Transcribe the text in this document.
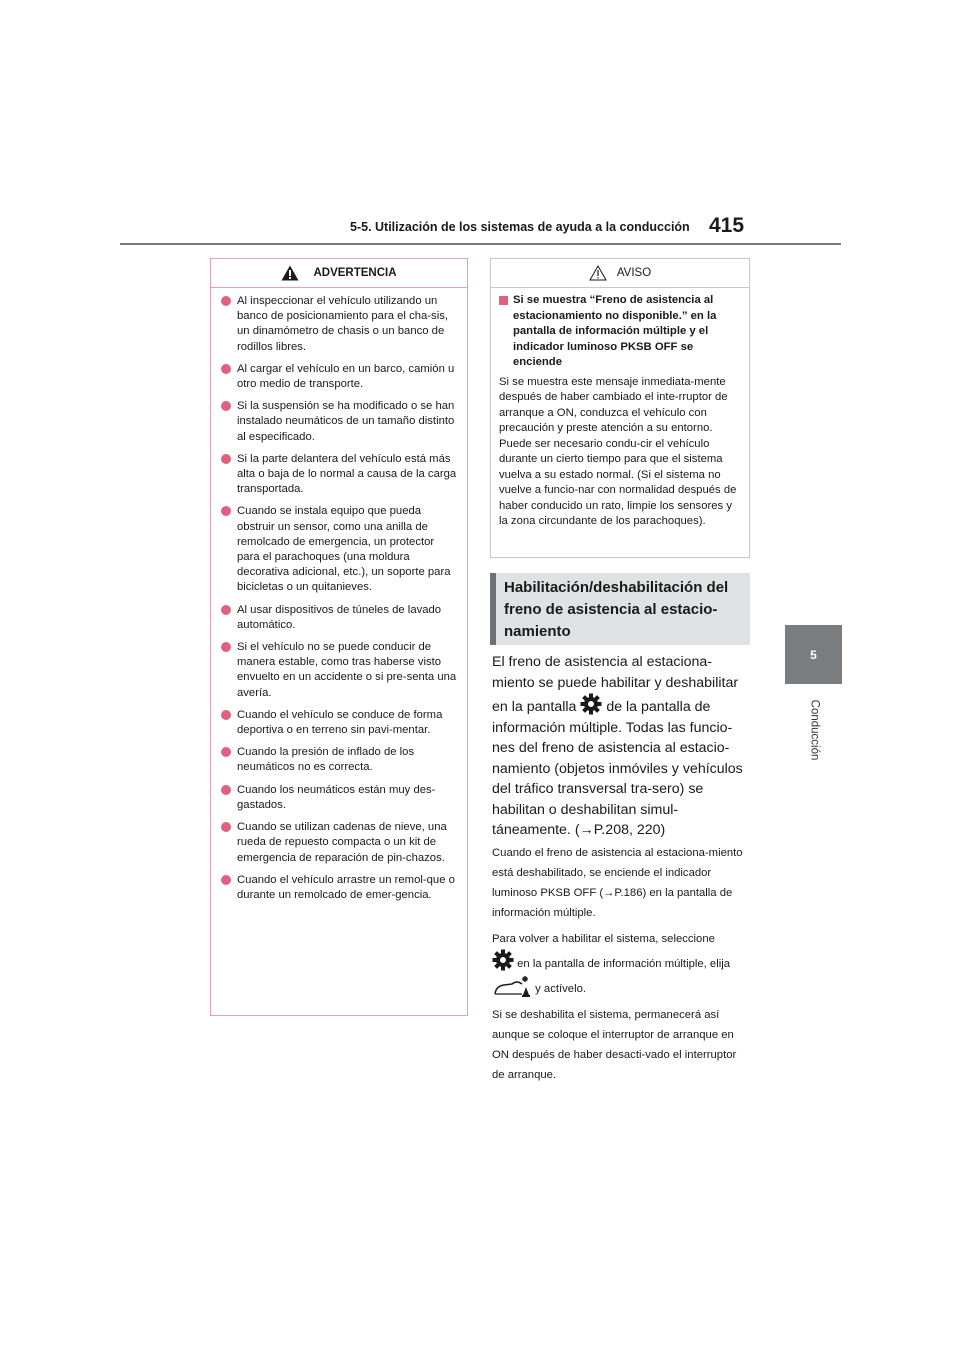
5-5. Utilización de los sistemas de ayuda a la conducción 415
5
Conducción
ADVERTENCIA
Al inspeccionar el vehículo utilizando un banco de posicionamiento para el cha-sis, un dinamómetro de chasis o un banco de rodillos libres.
Al cargar el vehículo en un barco, camión u otro medio de transporte.
Si la suspensión se ha modificado o se han instalado neumáticos de un tamaño distinto al especificado.
Si la parte delantera del vehículo está más alta o baja de lo normal a causa de la carga transportada.
Cuando se instala equipo que pueda obstruir un sensor, como una anilla de remolcado de emergencia, un protector para el parachoques (una moldura decorativa adicional, etc.), un soporte para bicicletas o un quitanieves.
Al usar dispositivos de túneles de lavado automático.
Si el vehículo no se puede conducir de manera estable, como tras haberse visto envuelto en un accidente o si pre-senta una avería.
Cuando el vehículo se conduce de forma deportiva o en terreno sin pavi-mentar.
Cuando la presión de inflado de los neumáticos no es correcta.
Cuando los neumáticos están muy des-gastados.
Cuando se utilizan cadenas de nieve, una rueda de repuesto compacta o un kit de emergencia de reparación de pin-chazos.
Cuando el vehículo arrastre un remol-que o durante un remolcado de emer-gencia.
AVISO
Si se muestra “Freno de asistencia al estacionamiento no disponible.” en la pantalla de información múltiple y el indicador luminoso PKSB OFF se enciende
Si se muestra este mensaje inmediata-mente después de haber cambiado el inte-rruptor de arranque a ON, conduzca el vehículo con precaución y preste atención a su entorno. Puede ser necesario condu-cir el vehículo durante un cierto tiempo para que el sistema vuelva a su estado normal. (Si el sistema no vuelve a funcio-nar con normalidad después de haber conducido un rato, limpie los sensores y la zona circundante de los parachoques).
Habilitación/deshabilitación del freno de asistencia al estacio-namiento
El freno de asistencia al estaciona-miento se puede habilitar y deshabilitar en la pantalla de la pantalla de información múltiple. Todas las funcio-nes del freno de asistencia al estacio-namiento (objetos inmóviles y vehículos del tráfico transversal tra-sero) se habilitan o deshabilitan simul-táneamente. (→P.208, 220)

Cuando el freno de asistencia al estaciona-miento está deshabilitado, se enciende el indicador luminoso PKSB OFF (→P.186) en la pantalla de información múltiple.

Para volver a habilitar el sistema, seleccione
en la pantalla de información múltiple, elija  y actívelo.

Si se deshabilita el sistema, permanecerá así aunque se coloque el interruptor de arranque en ON después de haber desacti-vado el interruptor de arranque.
